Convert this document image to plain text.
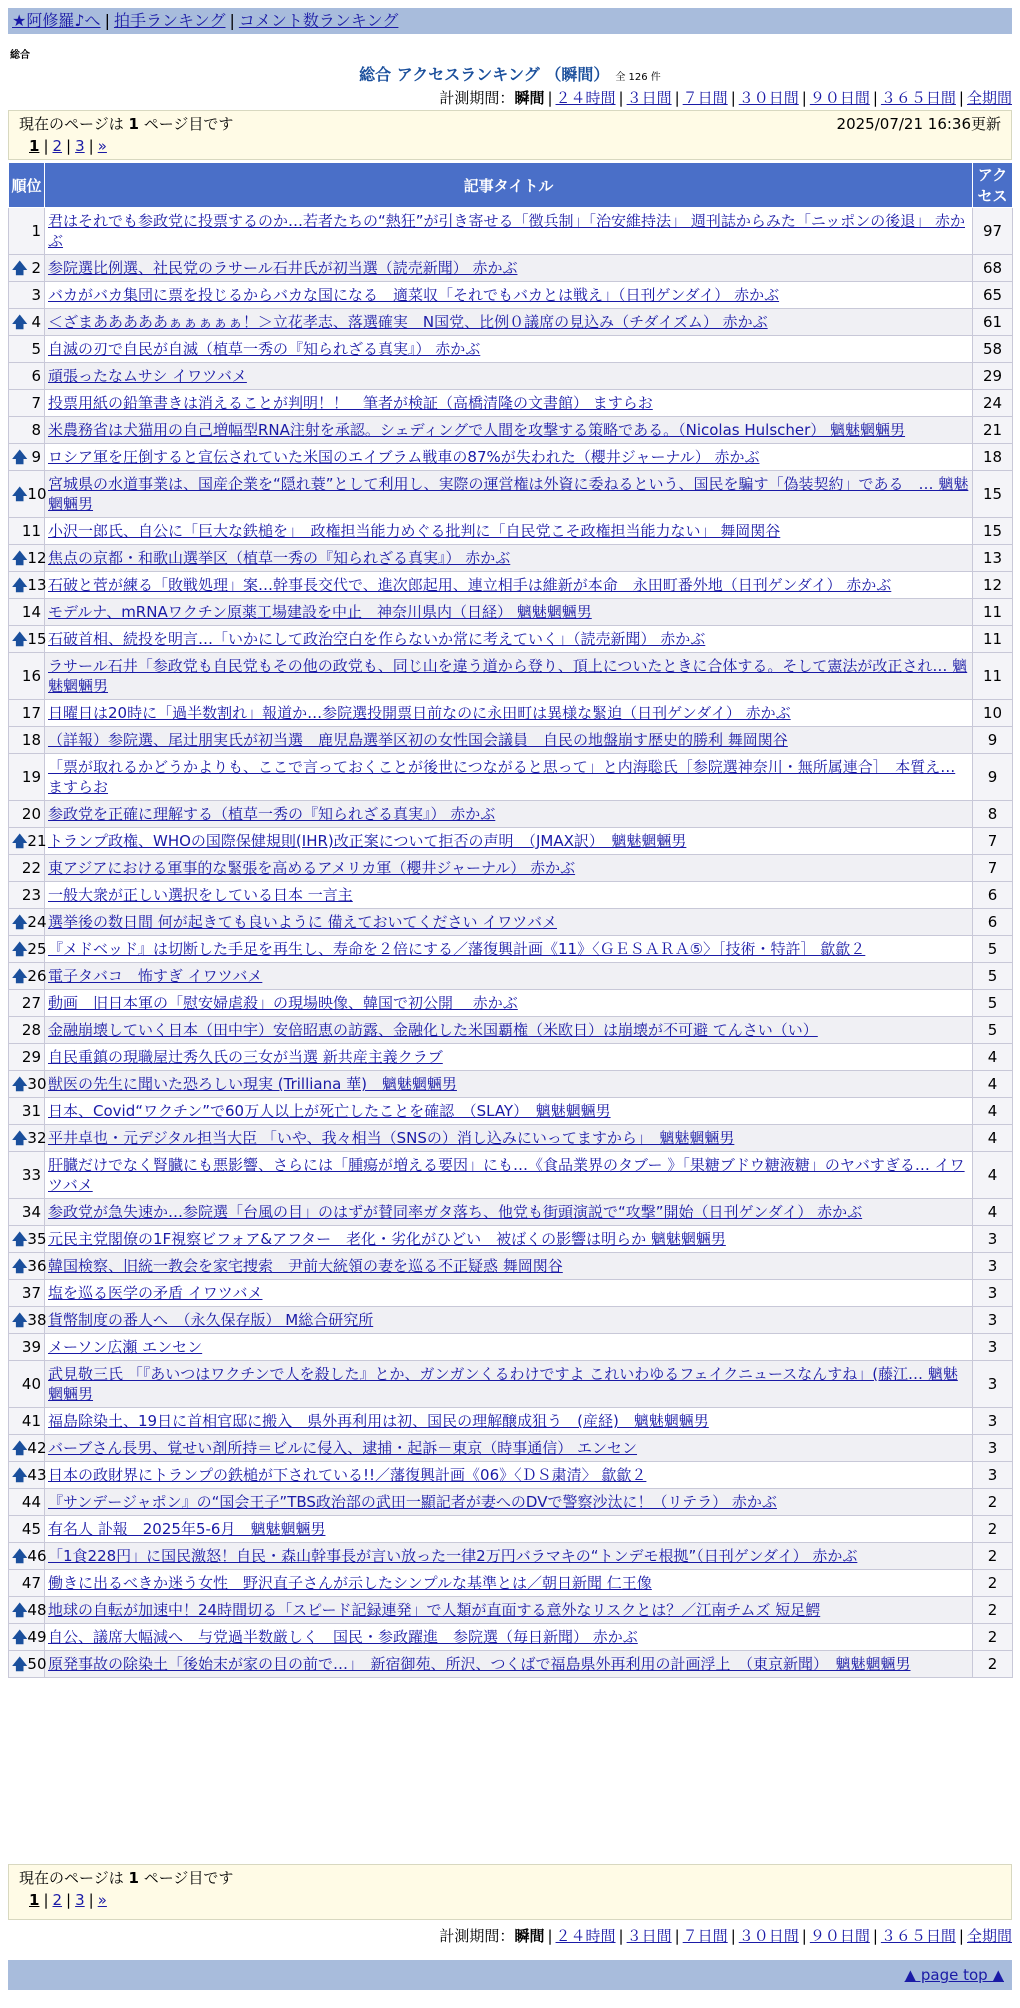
★阿修羅♪へ | 拍手ランキング | コメント数ランキング
総合
総合 アクセスランキング （瞬間） 全 126 件
計測期間：瞬間 | ２４時間 | ３日間 | ７日間 | ３０日間 | ９０日間 | ３６５日間 | 全期間
現在のページは 1 ページ目です	2025/07/21 16:36更新
1 | 2 | 3 | »
順位	記事タイトル	アクセス
1	君はそれでも参政党に投票するのか…若者たちの“熱狂”が引き寄せる「徴兵制」「治安維持法」 週刊誌からみた「ニッポンの後退」 赤かぶ	97

🡅 2	参院選比例選、社民党のラサール石井氏が初当選（読売新聞） 赤かぶ	68
3	バカがバカ集団に票を投じるからバカな国になる　適菜収「それでもバカとは戦え」（日刊ゲンダイ） 赤かぶ	65

🡅 4	＜ざまあああああぁぁぁぁぁ！＞立花孝志、落選確実　N国党、比例０議席の見込み（チダイズム） 赤かぶ	61
5	自滅の刃で自民が自滅（植草一秀の『知られざる真実』） 赤かぶ	58
6	頑張ったなムサシ イワツバメ	29
7	投票用紙の鉛筆書きは消えることが判明！！　筆者が検証（高橋清隆の文書館） ますらお	24
8	米農務省は犬猫用の自己増幅型RNA注射を承認。シェディングで人間を攻撃する策略である。（Nicolas Hulscher） 魑魅魍魎男	21

🡅 9	ロシア軍を圧倒すると宣伝されていた米国のエイブラム戦車の87%が失われた（櫻井ジャーナル） 赤かぶ	18

🡅 10	宮城県の水道事業は、国産企業を“隠れ蓑”として利用し、実際の運営権は外資に委ねるという、国民を騙す「偽装契約」である　… 魑魅魍魎男	15
11	小沢一郎氏、自公に「巨大な鉄槌を」　政権担当能力めぐる批判に「自民党こそ政権担当能力ない」 舞岡関谷	15

🡅 12	焦点の京都・和歌山選挙区（植草一秀の『知られざる真実』） 赤かぶ	13

🡅 13	石破と菅が練る「敗戦処理」案…幹事長交代で、進次郎起用、連立相手は維新が本命　永田町番外地（日刊ゲンダイ） 赤かぶ	12
14	モデルナ、mRNAワクチン原薬工場建設を中止　神奈川県内（日経） 魑魅魍魎男	11

🡅 15	石破首相、続投を明言…「いかにして政治空白を作らないか常に考えていく」（読売新聞） 赤かぶ	11
16	ラサール石井「参政党も自民党もその他の政党も、同じ山を違う道から登り、頂上についたときに合体する。そして憲法が改正され… 魑魅魍魎男	11
17	日曜日は20時に「過半数割れ」報道か…参院選投開票日前なのに永田町は異様な緊迫（日刊ゲンダイ） 赤かぶ	10
18	（詳報）参院選、尾辻朋実氏が初当選　鹿児島選挙区初の女性国会議員　自民の地盤崩す歴史的勝利 舞岡関谷	9
19	「票が取れるかどうかよりも、ここで言っておくことが後世につながると思って」と内海聡氏［参院選神奈川・無所属連合］　本質え… ますらお	9
20	参政党を正確に理解する（植草一秀の『知られざる真実』） 赤かぶ	8

🡅 21	トランプ政権、WHOの国際保健規則(IHR)改正案について拒否の声明　（JMAX訳）　魑魅魍魎男	7
22	東アジアにおける軍事的な緊張を高めるアメリカ軍（櫻井ジャーナル） 赤かぶ	7
23	一般大衆が正しい選択をしている日本 一言主	6

🡅 24	選挙後の数日間 何が起きても良いように 備えておいてください イワツバメ	6

🡅 25	『メドベッド』は切断した手足を再生し、寿命を２倍にする／藩復興計画《11》〈ＧＥＳＡＲＡ⑤〉［技術・特許］ 歙歙２	5

🡅 26	電子タバコ　怖すぎ イワツバメ	5
27	動画　旧日本軍の「慰安婦虐殺」の現場映像、韓国で初公開　 赤かぶ	5
28	金融崩壊していく日本（田中宇）安倍昭恵の訪露、金融化した米国覇権（米欧日）は崩壊が不可避 てんさい（い）	5
29	自民重鎮の現職屋辻秀久氏の三女が当選 新共産主義クラブ	4

🡅 30	獣医の先生に聞いた恐ろしい現実 (Trilliana 華)　魑魅魍魎男	4
31	日本、Covid“ワクチン”で60万人以上が死亡したことを確認　（SLAY）　魑魅魍魎男	4

🡅 32	平井卓也・元デジタル担当大臣 「いや、我々相当（SNSの）消し込みにいってますから」　魑魅魍魎男	4
33	肝臓だけでなく腎臓にも悪影響、さらには「腫瘍が増える要因」にも…《食品業界のタブー 》「果糖ブドウ糖液糖」のヤバすぎる… イワツバメ	4
34	参政党が急失速か…参院選「台風の目」のはずが賛同率ガタ落ち、他党も街頭演説で“攻撃”開始（日刊ゲンダイ） 赤かぶ	4

🡅 35	元民主党閣僚の1F視察ビフォア&アフター　老化・劣化がひどい　被ばくの影響は明らか 魑魅魍魎男	3

🡅 36	韓国検察、旧統一教会を家宅捜索　尹前大統領の妻を巡る不正疑惑 舞岡関谷	3
37	塩を巡る医学の矛盾 イワツバメ	3

🡅 38	貨幣制度の番人へ　（永久保存版） M総合研究所	3
39	メーソン広瀬 エンセン	3
40	武見敬三氏 「『あいつはワクチンで人を殺した』とか、ガンガンくるわけですよ これいわゆるフェイクニュースなんすね」(藤江… 魑魅魍魎男	3
41	福島除染土、19日に首相官邸に搬入　県外再利用は初、国民の理解醸成狙う　(産経)　魑魅魍魎男	3

🡅 42	バーブさん長男、覚せい剤所持＝ビルに侵入、逮捕・起訴－東京（時事通信） エンセン	3

🡅 43	日本の政財界にトランプの鉄槌が下されている!!／藩復興計画《06》〈ＤＳ粛清〉 歙歙２	3
44	『サンデージャポン』の“国会王子”TBS政治部の武田一顯記者が妻へのDVで警察沙汰に！（リテラ） 赤かぶ	2
45	有名人 訃報　2025年5-6月　魑魅魍魎男	2

🡅 46	「1食228円」に国民激怒！自民・森山幹事長が言い放った一律2万円バラマキの“トンデモ根拠”（日刊ゲンダイ） 赤かぶ	2
47	働きに出るべきか迷う女性　野沢直子さんが示したシンプルな基準とは／朝日新聞 仁王像	2

🡅 48	地球の自転が加速中！24時間切る「スピード記録連発」で人類が直面する意外なリスクとは？／江南チムズ 短足鰐	2

🡅 49	自公、議席大幅減へ　与党過半数厳しく　国民・参政躍進　参院選（毎日新聞） 赤かぶ	2

🡅 50	原発事故の除染土「後始末が家の目の前で…」　新宿御苑、所沢、つくばで福島県外再利用の計画浮上　（東京新聞）　魑魅魍魎男	2
現在のページは 1 ページ目です
1 | 2 | 3 | »
計測期間：瞬間 | ２４時間 | ３日間 | ７日間 | ３０日間 | ９０日間 | ３６５日間 | 全期間
▲ page top ▲
